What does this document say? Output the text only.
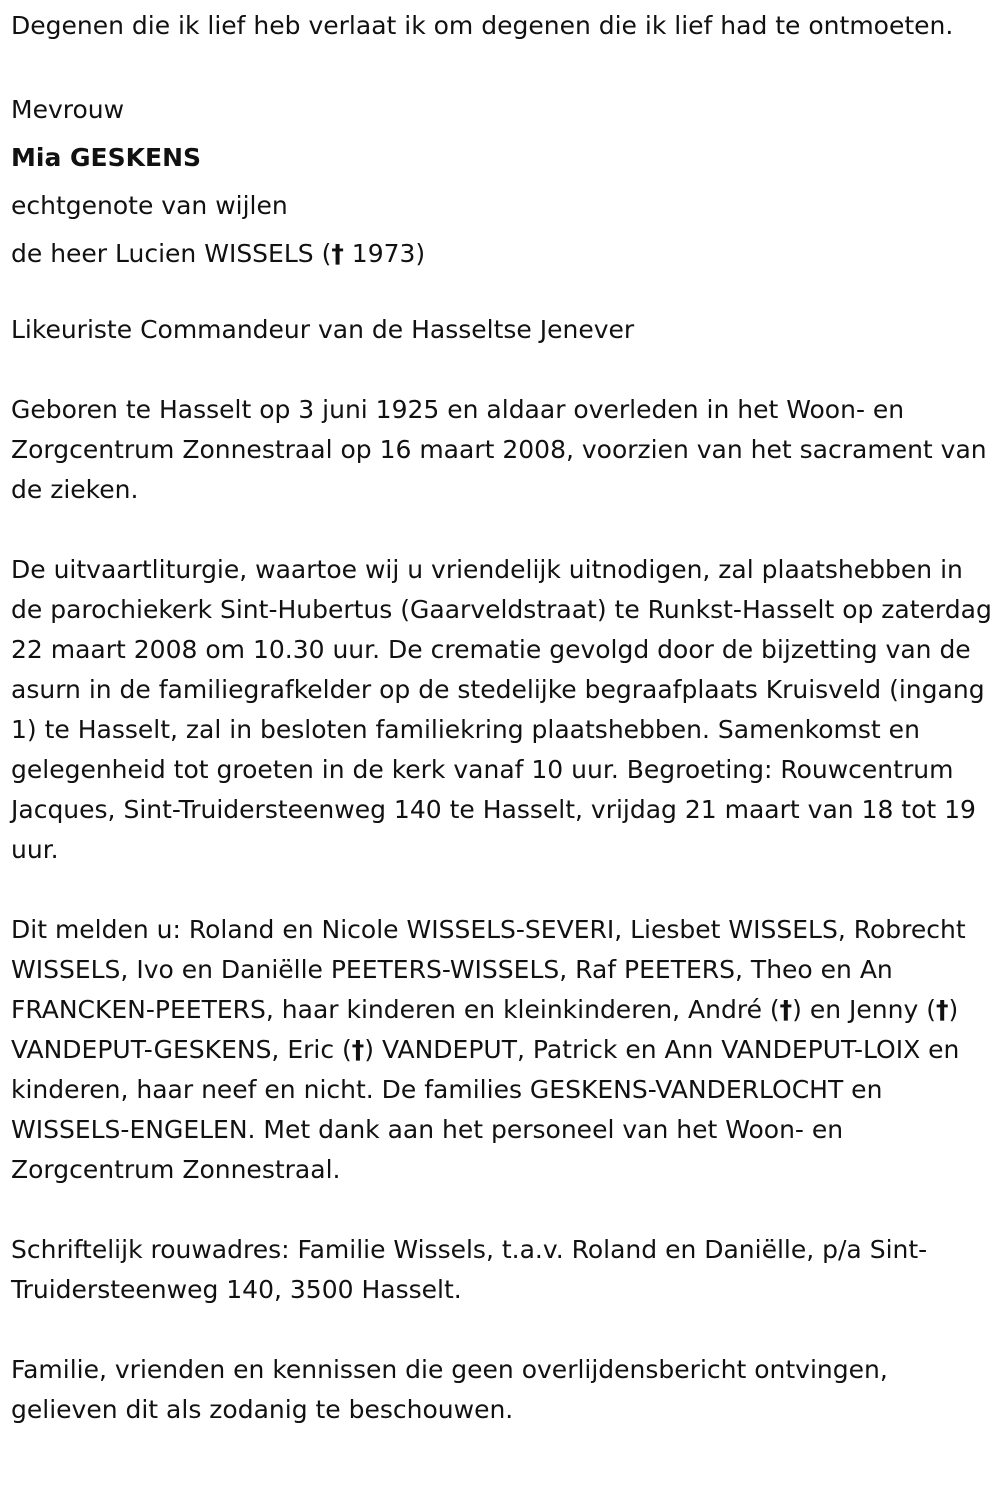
Degenen die ik lief heb verlaat ik om degenen die ik lief had te ontmoeten.

Mevrouw

Mia GESKENS

echtgenote van wijlen

de heer Lucien WISSELS († 1973)

Likeuriste Commandeur van de Hasseltse Jenever

Geboren te Hasselt op 3 juni 1925 en aldaar overleden in het Woon- en Zorgcentrum Zonnestraal op 16 maart 2008, voorzien van het sacrament van de zieken.

De uitvaartliturgie, waartoe wij u vriendelijk uitnodigen, zal plaatshebben in de parochiekerk Sint-Hubertus (Gaarveldstraat) te Runkst-Hasselt op zaterdag 22 maart 2008 om 10.30 uur. De crematie gevolgd door de bijzetting van de asurn in de familiegrafkelder op de stedelijke begraafplaats Kruisveld (ingang 1) te Hasselt, zal in besloten familiekring plaatshebben. Samenkomst en gelegenheid tot groeten in de kerk vanaf 10 uur. Begroeting: Rouwcentrum Jacques, Sint-Truidersteenweg 140 te Hasselt, vrijdag 21 maart van 18 tot 19 uur.

Dit melden u: Roland en Nicole WISSELS-SEVERI, Liesbet WISSELS, Robrecht WISSELS, Ivo en Daniëlle PEETERS-WISSELS, Raf PEETERS, Theo en An FRANCKEN-PEETERS, haar kinderen en kleinkinderen, André (†) en Jenny (†) VANDEPUT-GESKENS, Eric (†) VANDEPUT, Patrick en Ann VANDEPUT-LOIX en kinderen, haar neef en nicht. De families GESKENS-VANDERLOCHT en WISSELS-ENGELEN. Met dank aan het personeel van het Woon- en Zorgcentrum Zonnestraal.

Schriftelijk rouwadres: Familie Wissels, t.a.v. Roland en Daniëlle, p/a Sint-Truidersteenweg 140, 3500 Hasselt.

Familie, vrienden en kennissen die geen overlijdensbericht ontvingen, gelieven dit als zodanig te beschouwen.
